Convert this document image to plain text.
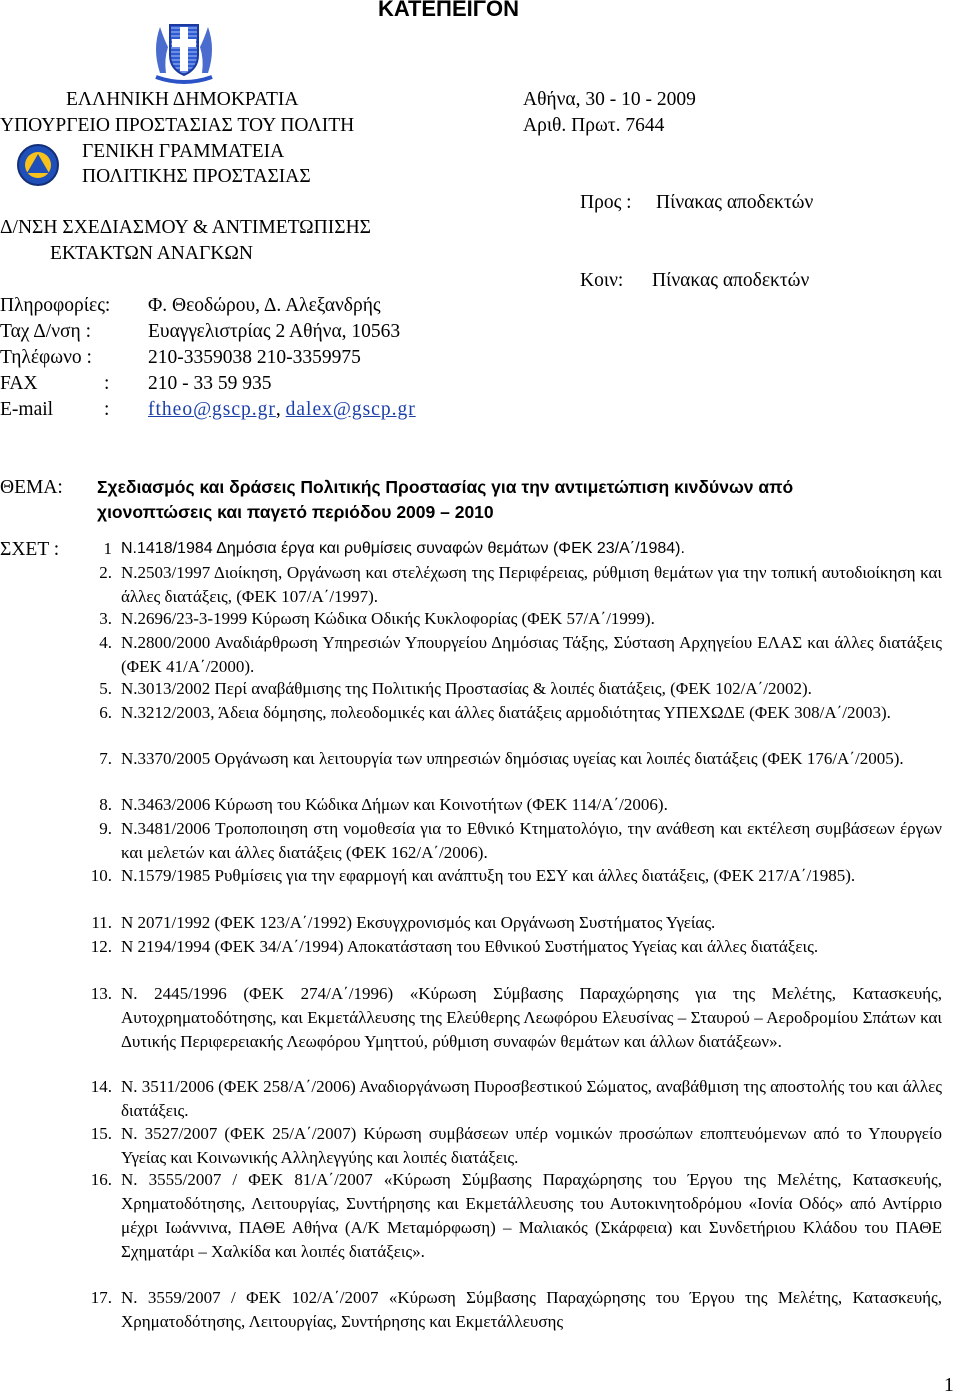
ΚΑΤΕΠΕΙΓΟΝ
ΕΛΛΗΝΙΚΗ ΔΗΜΟΚΡΑΤΙΑ
ΥΠΟΥΡΓΕΙΟ ΠΡΟΣΤΑΣΙΑΣ ΤΟΥ ΠΟΛΙΤΗ
ΓΕΝΙΚΗ ΓΡΑΜΜΑΤΕΙΑ
ΠΟΛΙΤΙΚΗΣ ΠΡΟΣΤΑΣΙΑΣ
Δ/ΝΣΗ ΣΧΕΔΙΑΣΜΟΥ & ΑΝΤΙΜΕΤΩΠΙΣΗΣ
ΕΚΤΑΚΤΩΝ ΑΝΑΓΚΩΝ
Αθήνα, 30 - 10 - 2009
Αριθ. Πρωτ. 7644
Προς : Πίνακας αποδεκτών
Κοιν: Πίνακας αποδεκτών
Πληροφορίες: Φ. Θεοδώρου, Δ. Αλεξανδρής
Ταχ Δ/νση :	Ευαγγελιστρίας 2 Αθήνα, 10563
Τηλέφωνο :	210-3359038 210-3359975
FAX	: 210 - 33 59 935
E-mail	: ftheo@gscp.gr, dalex@gscp.gr
ΘΕΜΑ: Σχεδιασμός και δράσεις Πολιτικής Προστασίας για την αντιμετώπιση κινδύνων από
χιονοπτώσεις και παγετό περιόδου 2009 – 2010
ΣΧΕΤ :	1 Ν.1418/1984 Δημόσια έργα και ρυθμίσεις συναφών θεμάτων (ΦΕΚ 23/Α΄/1984).
2. Ν.2503/1997 Διοίκηση, Οργάνωση και στελέχωση της Περιφέρειας, ρύθμιση θεμάτων για την τοπική αυτοδιοίκηση και άλλες διατάξεις, (ΦΕΚ 107/Α΄/1997).
3. Ν.2696/23-3-1999 Κύρωση Κώδικα Οδικής Κυκλοφορίας (ΦΕΚ 57/Α΄/1999).
4. Ν.2800/2000 Αναδιάρθρωση Υπηρεσιών Υπουργείου Δημόσιας Τάξης, Σύσταση Αρχηγείου ΕΛΑΣ και άλλες διατάξεις (ΦΕΚ 41/Α΄/2000).
5. Ν.3013/2002 Περί αναβάθμισης της Πολιτικής Προστασίας & λοιπές διατάξεις, (ΦΕΚ 102/Α΄/2002).
6. Ν.3212/2003, Άδεια δόμησης, πολεοδομικές και άλλες διατάξεις αρμοδιότητας ΥΠΕΧΩΔΕ (ΦΕΚ 308/Α΄/2003).
7. Ν.3370/2005 Οργάνωση και λειτουργία των υπηρεσιών δημόσιας υγείας και λοιπές διατάξεις (ΦΕΚ 176/Α΄/2005).
8. Ν.3463/2006 Κύρωση του Κώδικα Δήμων και Κοινοτήτων (ΦΕΚ 114/Α΄/2006).
9. Ν.3481/2006 Τροποποιηση στη νομοθεσία για το Εθνικό Κτηματολόγιο, την ανάθεση και εκτέλεση συμβάσεων έργων και μελετών και άλλες διατάξεις (ΦΕΚ 162/Α΄/2006).
10. Ν.1579/1985 Ρυθμίσεις για την εφαρμογή και ανάπτυξη του ΕΣΥ και άλλες διατάξεις, (ΦΕΚ 217/Α΄/1985).
11. Ν 2071/1992 (ΦΕΚ 123/Α΄/1992) Εκσυγχρονισμός και Οργάνωση Συστήματος Υγείας.
12. Ν 2194/1994 (ΦΕΚ 34/Α΄/1994) Αποκατάσταση του Εθνικού Συστήματος Υγείας και άλλες διατάξεις.
13. Ν. 2445/1996 (ΦΕΚ 274/Α΄/1996) «Κύρωση Σύμβασης Παραχώρησης για της Μελέτης, Κατασκευής, Αυτοχρηματοδότησης, και Εκμετάλλευσης της Ελεύθερης Λεωφόρου Ελευσίνας – Σταυρού – Αεροδρομίου Σπάτων και Δυτικής Περιφερειακής Λεωφόρου Υμηττού, ρύθμιση συναφών θεμάτων και άλλων διατάξεων».
14. Ν. 3511/2006 (ΦΕΚ 258/Α΄/2006) Αναδιοργάνωση Πυροσβεστικού Σώματος, αναβάθμιση της αποστολής του και άλλες διατάξεις.
15. Ν. 3527/2007 (ΦΕΚ 25/Α΄/2007) Κύρωση συμβάσεων υπέρ νομικών προσώπων εποπτευόμενων από το Υπουργείο Υγείας και Κοινωνικής Αλληλεγγύης και λοιπές διατάξεις.
16. Ν. 3555/2007 / ΦΕΚ 81/Α΄/2007 «Κύρωση Σύμβασης Παραχώρησης του Έργου της Μελέτης, Κατασκευής, Χρηματοδότησης, Λειτουργίας, Συντήρησης και Εκμετάλλευσης του Αυτοκινητοδρόμου «Ιονία Οδός» από Αντίρριο μέχρι Ιωάννινα, ΠΑΘΕ Αθήνα (Α/Κ Μεταμόρφωση) – Μαλιακός (Σκάρφεια) και Συνδετήριου Κλάδου του ΠΑΘΕ Σχηματάρι – Χαλκίδα και λοιπές διατάξεις».
17. Ν. 3559/2007 / ΦΕΚ 102/Α΄/2007 «Κύρωση Σύμβασης Παραχώρησης του Έργου της Μελέτης, Κατασκευής, Χρηματοδότησης, Λειτουργίας, Συντήρησης και Εκμετάλλευσης
1
